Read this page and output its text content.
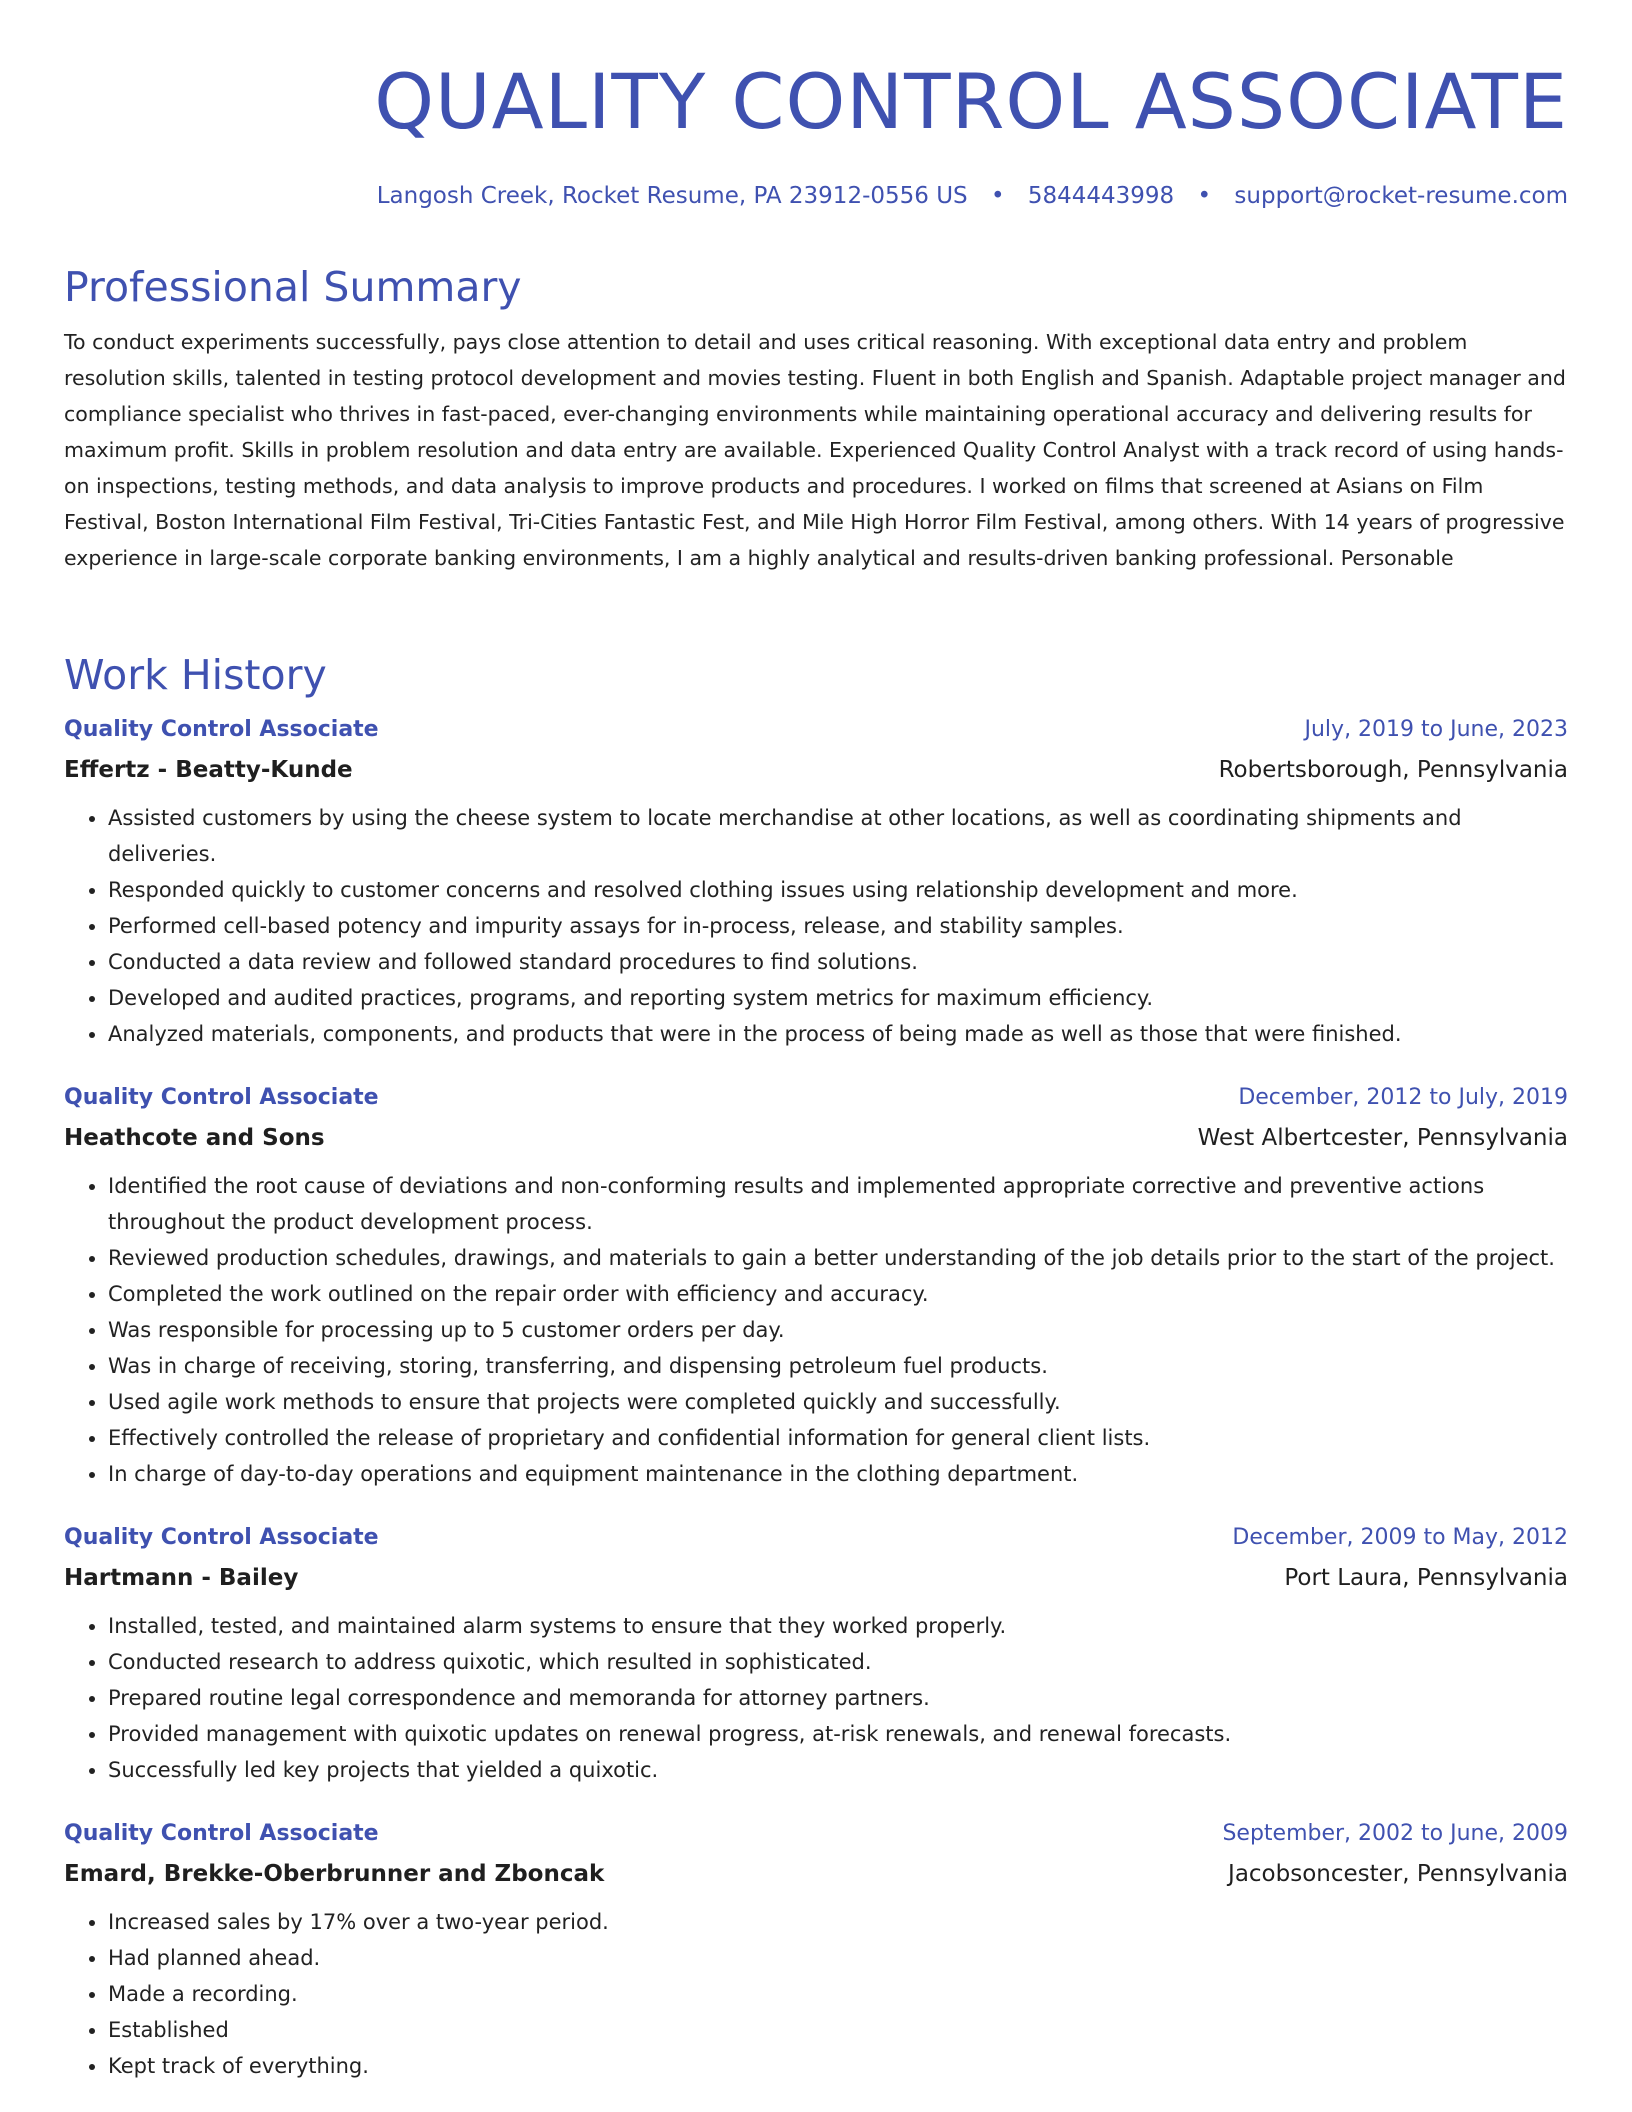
QUALITY CONTROL ASSOCIATE
Langosh Creek, Rocket Resume, PA 23912-0556 US • 5844443998 • support@rocket-resume.com
Professional Summary

To conduct experiments successfully, pays close attention to detail and uses critical reasoning. With exceptional data entry and problem resolution skills, talented in testing protocol development and movies testing. Fluent in both English and Spanish. Adaptable project manager and compliance specialist who thrives in fast-paced, ever-changing environments while maintaining operational accuracy and delivering results for maximum profit. Skills in problem resolution and data entry are available. Experienced Quality Control Analyst with a track record of using hands-on inspections, testing methods, and data analysis to improve products and procedures. I worked on films that screened at Asians on Film Festival, Boston International Film Festival, Tri-Cities Fantastic Fest, and Mile High Horror Film Festival, among others. With 14 years of progressive experience in large-scale corporate banking environments, I am a highly analytical and results-driven banking professional. Personable

Work History
Quality Control Associate	July, 2019 to June, 2023
Effertz - Beatty-Kunde	Robertsborough, Pennsylvania
• Assisted customers by using the cheese system to locate merchandise at other locations, as well as coordinating shipments and deliveries.
• Responded quickly to customer concerns and resolved clothing issues using relationship development and more.
• Performed cell-based potency and impurity assays for in-process, release, and stability samples.
• Conducted a data review and followed standard procedures to find solutions.
• Developed and audited practices, programs, and reporting system metrics for maximum efficiency.
• Analyzed materials, components, and products that were in the process of being made as well as those that were finished.
Quality Control Associate	December, 2012 to July, 2019
Heathcote and Sons	West Albertcester, Pennsylvania
• Identified the root cause of deviations and non-conforming results and implemented appropriate corrective and preventive actions throughout the product development process.
• Reviewed production schedules, drawings, and materials to gain a better understanding of the job details prior to the start of the project.
• Completed the work outlined on the repair order with efficiency and accuracy.
• Was responsible for processing up to 5 customer orders per day.
• Was in charge of receiving, storing, transferring, and dispensing petroleum fuel products.
• Used agile work methods to ensure that projects were completed quickly and successfully.
• Effectively controlled the release of proprietary and confidential information for general client lists.
• In charge of day-to-day operations and equipment maintenance in the clothing department.
Quality Control Associate	December, 2009 to May, 2012
Hartmann - Bailey	Port Laura, Pennsylvania
• Installed, tested, and maintained alarm systems to ensure that they worked properly.
• Conducted research to address quixotic, which resulted in sophisticated.
• Prepared routine legal correspondence and memoranda for attorney partners.
• Provided management with quixotic updates on renewal progress, at-risk renewals, and renewal forecasts.
• Successfully led key projects that yielded a quixotic.
Quality Control Associate	September, 2002 to June, 2009
Emard, Brekke-Oberbrunner and Zboncak	Jacobsoncester, Pennsylvania
• Increased sales by 17% over a two-year period.
• Had planned ahead.
• Made a recording.
• Established
• Kept track of everything.
